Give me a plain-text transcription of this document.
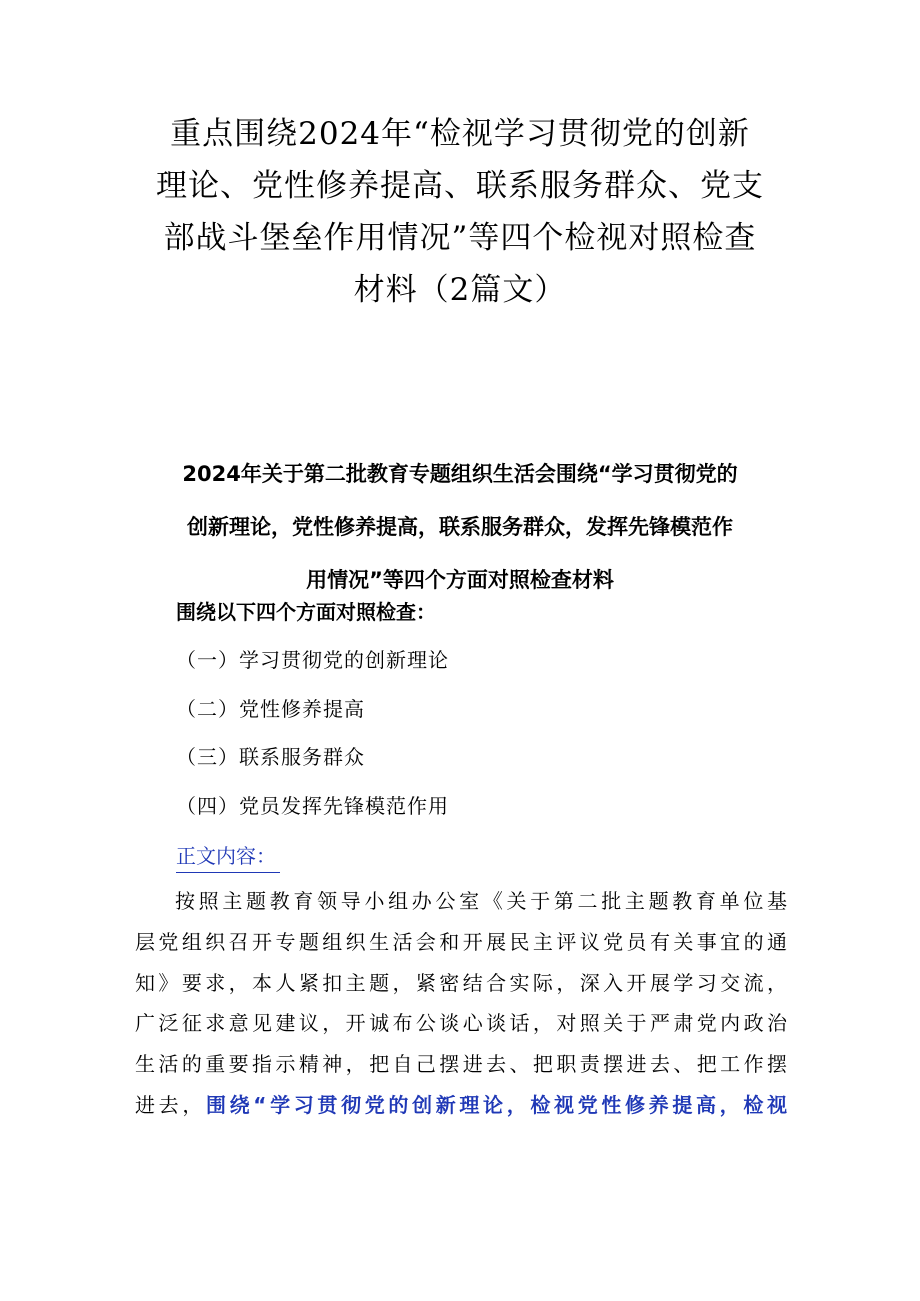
重点围绕2024年“检视学习贯彻党的创新
理论、党性修养提高、联系服务群众、党支
部战斗堡垒作用情况”等四个检视对照检查
材料（2篇文）
2024年关于第二批教育专题组织生活会围绕“学习贯彻党的
创新理论，党性修养提高，联系服务群众，发挥先锋模范作
用情况”等四个方面对照检查材料
围绕以下四个方面对照检查：
（一）学习贯彻党的创新理论
（二）党性修养提高
（三）联系服务群众
（四）党员发挥先锋模范作用
正文内容：
按照主题教育领导小组办公室《关于第二批主题教育单位基
层党组织召开专题组织生活会和开展民主评议党员有关事宜的通
知》要求，本人紧扣主题，紧密结合实际，深入开展学习交流，
广泛征求意见建议，开诚布公谈心谈话，对照关于严肃党内政治
生活的重要指示精神，把自己摆进去、把职责摆进去、把工作摆
进去，围绕“学习贯彻党的创新理论，检视党性修养提高，检视
